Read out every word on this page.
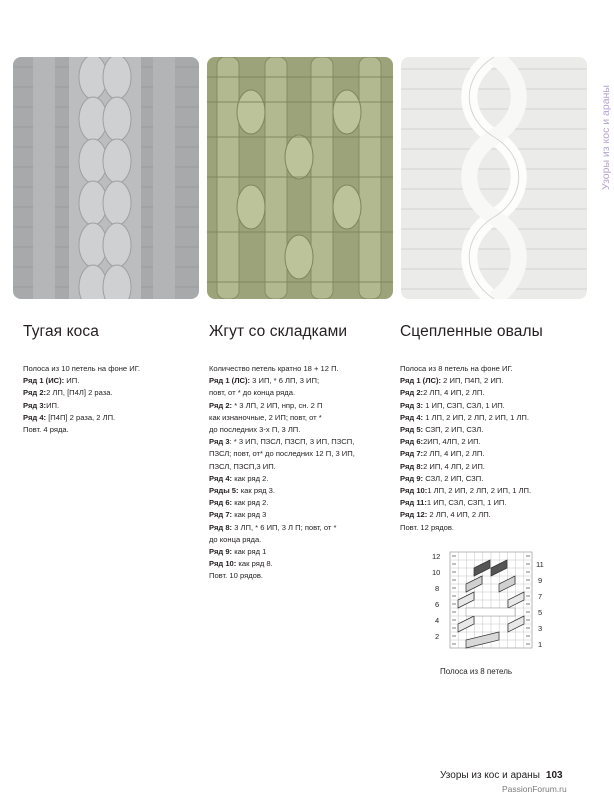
Узоры из кос и араны
Тугая коса

Полоса из 10 петель на фоне ИГ.

Ряд 1 (ИС): ИП.

Ряд 2:2 ЛП, [П4Л] 2 раза.

Ряд 3:ИП.

Ряд 4: [П4П] 2 раза, 2 ЛП.

Повт. 4 ряда.

Жгут со складками

Количество петель кратно 18 + 12 П.

Ряд 1 (ЛС): 3 ИП, * 6 ЛП, 3 ИП;

повт, от * до конца ряда.

Ряд 2: * 3 ЛП, 2 ИП, нпр, сн. 2 П

как изнаночные, 2 ИП; повт, от *

до последних 3-х П, 3 ЛП.

Ряд 3: * 3 ИП, ПЗСЛ, ПЗСП, 3 ИП, ПЗСП,

ПЗСЛ; повт, от* до последних 12 П, 3 ИП,

ПЗСЛ, ПЗСП,3 ИП.

Ряд 4: как ряд 2.

Ряды 5: как ряд 3.

Ряд 6: как ряд 2.

Ряд 7: как ряд 3

Ряд 8: 3 ЛП, * 6 ИП, 3 Л П; повт, от *

до конца ряда.

Ряд 9: как ряд 1

Ряд 10: как ряд 8.

Повт. 10 рядов.

Сцепленные овалы

Полоса из 8 петель на фоне ИГ.

Ряд 1 (ЛС): 2 ИП, П4П, 2 ИП.

Ряд 2:2 ЛП, 4 ИП, 2 ЛП.

Ряд 3: 1 ИП, СЗП, СЗЛ, 1 ИП.

Ряд 4: 1 ЛП, 2 ИП, 2 ЛП, 2 ИП, 1 ЛП.

Ряд 5: СЗП, 2 ИП, СЗЛ.

Ряд 6:2ИП, 4ЛП, 2 ИП.

Ряд 7:2 ЛП, 4 ИП, 2 ЛП.

Ряд 8:2 ИП, 4 ЛП, 2 ИП.

Ряд 9: СЗЛ, 2 ИП, СЗП.

Ряд 10:1 ЛП, 2 ИП, 2 ЛП, 2 ИП, 1 ЛП.

Ряд 11:1 ИП, СЗЛ, СЗП, 1 ИП.

Ряд 12: 2 ЛП, 4 ИП, 2 ЛП.

Повт. 12 рядов.

12
10
8
6
4
2
11
9
7
5
3
1
Полоса из 8 петель
Узоры из кос и араны 103
PassionForum.ru
